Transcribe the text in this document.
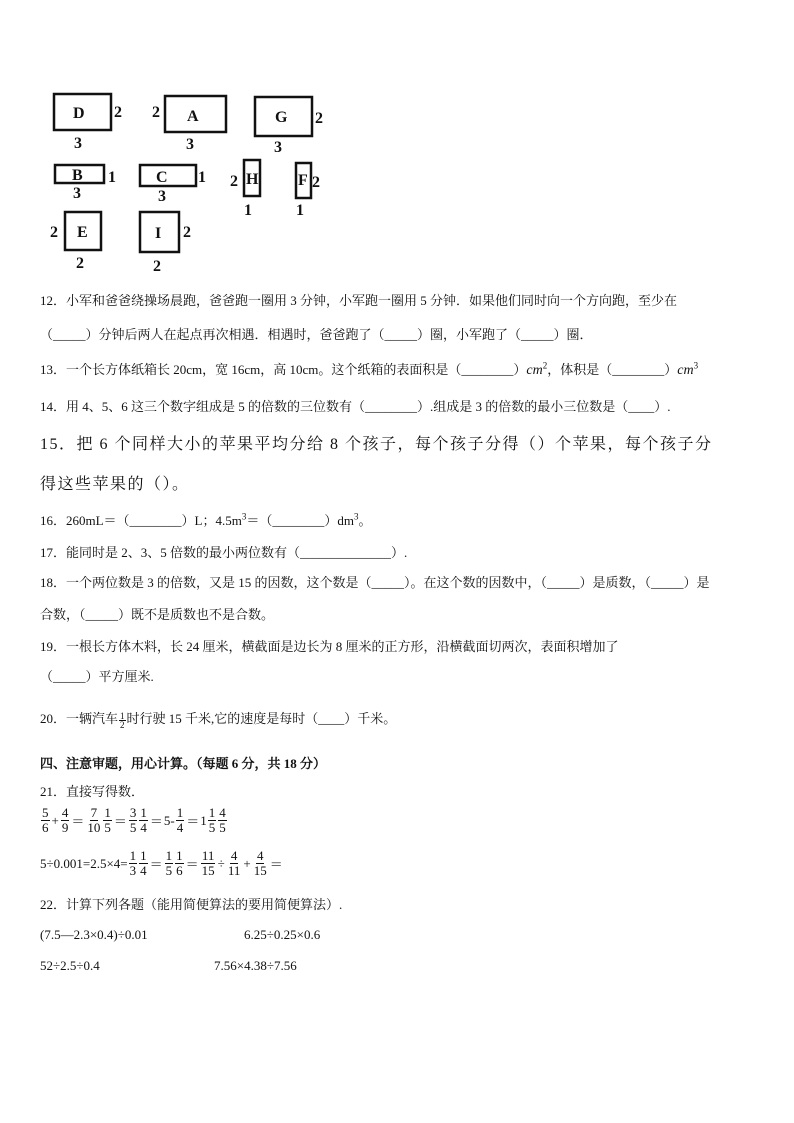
D 2
3
A
2
3
G 2
3
B 1
3
C 1
3
H
2
1
F 2
1
E
2
2
I 2
2
12．小军和爸爸绕操场晨跑，爸爸跑一圈用 3 分钟，小军跑一圈用 5 分钟．如果他们同时向一个方向跑，至少在
（_____）分钟后两人在起点再次相遇．相遇时，爸爸跑了（_____）圈，小军跑了（_____）圈．
13．一个长方体纸箱长 20cm，宽 16cm，高 10cm。这个纸箱的表面积是$(\_\_\_\_\_\_\_\_)cm^2$，体积是$(\_\_\_\_\_\_\_\_)cm^3$
14．用 4、5、6 这三个数字组成是 5 的倍数的三位数有（________）.组成是 3 的倍数的最小三位数是（____）.
15．把 6 个同样大小的苹果平均分给 8 个孩子，每个孩子分得（）个苹果，每个孩子分
得这些苹果的（）。
16．260mL＝（________）L；$4.5m^3=(\_\_\_\_\_\_\_\_)dm^3$。
17．能同时是 2、3、5 倍数的最小两位数有（______________）.
18．一个两位数是 3 的倍数，又是 15 的因数，这个数是（_____）。在这个数的因数中，（_____）是质数，（_____）是
合数，（_____）既不是质数也不是合数。
19．一根长方体木料，长 24 厘米，横截面是边长为 8 厘米的正方形，沿横截面切两次，表面积增加了
（_____）平方厘米.
20．一辆汽车 $\frac{1}{2}$ 时行驶 15 千米,它的速度是每时（____）千米。
四、注意审题，用心计算。（每题 6 分，共 18 分）
21．直接写得数．
$\frac{5}{6} + \frac{4}{9} = \frac{7}{10} \frac{1}{5} = \frac{3}{5} \frac{1}{4} = 5- \frac{1}{4} = 1 \frac{1}{5} \frac{4}{5}$
$5\div 0.001=2.5\times 4= \frac{1}{3} \frac{1}{4} = \frac{1}{5} \frac{1}{6} = \frac{11}{15} \div \frac{4}{11} + \frac{4}{15}$ ＝
22．计算下列各题（能用简便算法的要用简便算法）.
(7.5—2.3×0.4)÷0.01	6.25÷0.25×0.6
52÷2.5÷0.4	7.56×4.38÷7.56
